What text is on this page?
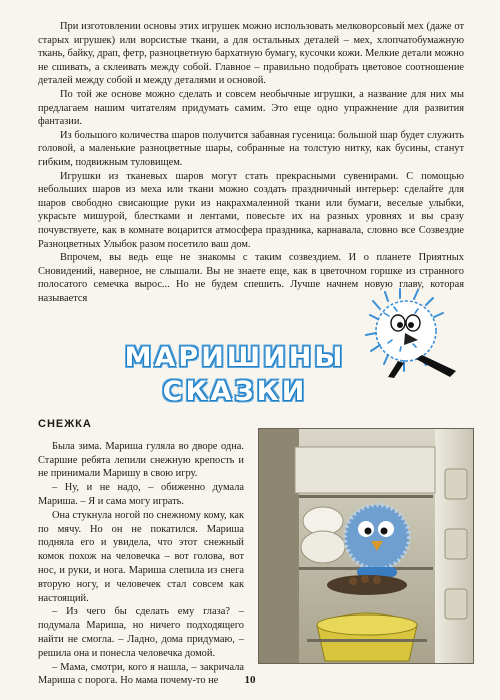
При изготовлении основы этих игрушек можно использовать мелковорсовый мех (даже от старых игрушек) или ворсистые ткани, а для остальных деталей – мех, хлопчатобумажную ткань, байку, драп, фетр, разноцветную бархатную бумагу, кусочки кожи. Мелкие детали можно не сшивать, а склеивать между собой. Главное – правильно подобрать цветовое соотношение деталей между собой и между деталями и основой.

По той же основе можно сделать и совсем необычные игрушки, а название для них мы предлагаем нашим читателям придумать самим. Это еще одно упражнение для развития фантазии.

Из большого количества шаров получится забавная гусеница: большой шар будет служить головой, а маленькие разноцветные шары, собранные на толстую нитку, как бусины, станут гибким, подвижным туловищем.

Игрушки из тканевых шаров могут стать прекрасными сувенирами. С помощью небольших шаров из меха или ткани можно создать праздничный интерьер: сделайте для шаров свободно свисающие руки из накрахмаленной ткани или бумаги, веселые улыбки, украсьте мишурой, блестками и лентами, повесьте их на разных уровнях и вы сразу почувствуете, как в комнате воцарится атмосфера праздника, карнавала, словно все Созвездие Разноцветных Улыбок разом посетило ваш дом.

Впрочем, вы ведь еще не знакомы с таким созвездием. И о планете Приятных Сновидений, наверное, не слышали. Вы не знаете еще, как в цветочном горшке из странного полосатого семечка вырос... Но не будем спешить. Лучше начнем новую главу, которая называется

МАРИШИНЫ
СКАЗКИ
СНЕЖКА

Была зима. Мариша гуляла во дворе одна. Старшие ребята лепили снежную крепость и не принимали Маришу в свою игру.

– Ну, и не надо, – обиженно думала Мариша. – Я и сама могу играть.

Она стукнула ногой по снежному кому, как по мячу. Но он не покатился. Мариша подняла его и увидела, что этот снежный комок похож на человечка – вот голова, вот нос, и руки, и нога. Мариша слепила из снега вторую ногу, и человечек стал совсем как настоящий.

– Из чего бы сделать ему глаза? – подумала Мариша, но ничего подходящего найти не смогла. – Ладно, дома придумаю, – решила она и понесла человечка домой.

– Мама, смотри, кого я нашла, – закричала Мариша с порога. Но мама почему-то не	10
